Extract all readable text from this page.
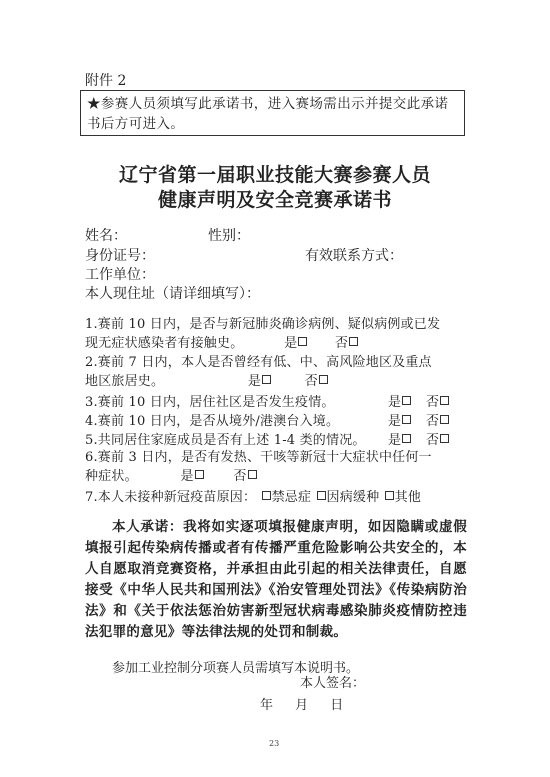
附件 2
★参赛人员须填写此承诺书，进入赛场需出示并提交此承诺
书后方可进入。
辽宁省第一届职业技能大赛参赛人员
健康声明及安全竞赛承诺书
姓名：	性别：
身份证号：	有效联系方式：
工作单位：
本人现住址（请详细填写）：
1.赛前 10 日内，是否与新冠肺炎确诊病例、疑似病例或已发
现无症状感染者有接触史。	是	否
2.赛前 7 日内，本人是否曾经有低、中、高风险地区及重点
地区旅居史。	是	否
3.赛前 10 日内，居住社区是否发生疫情。	是	否
4.赛前 10 日内，是否从境外/港澳台入境。	是	否
5.共同居住家庭成员是否有上述 1-4 类的情况。 是	否
6.赛前 3 日内，是否有发热、干咳等新冠十大症状中任何一
种症状。	是	否
7.本人未接种新冠疫苗原因： 禁忌症 因病缓种 其他
本人承诺：我将如实逐项填报健康声明，如因隐瞒或虚假填报引起传染病传播或者有传播严重危险影响公共安全的，本人自愿取消竞赛资格，并承担由此引起的相关法律责任，自愿接受《中华人民共和国刑法》《治安管理处罚法》《传染病防治法》和《关于依法惩治妨害新型冠状病毒感染肺炎疫情防控违法犯罪的意见》等法律法规的处罚和制裁。
参加工业控制分项赛人员需填写本说明书。
本人签名：
年 月 日
23
